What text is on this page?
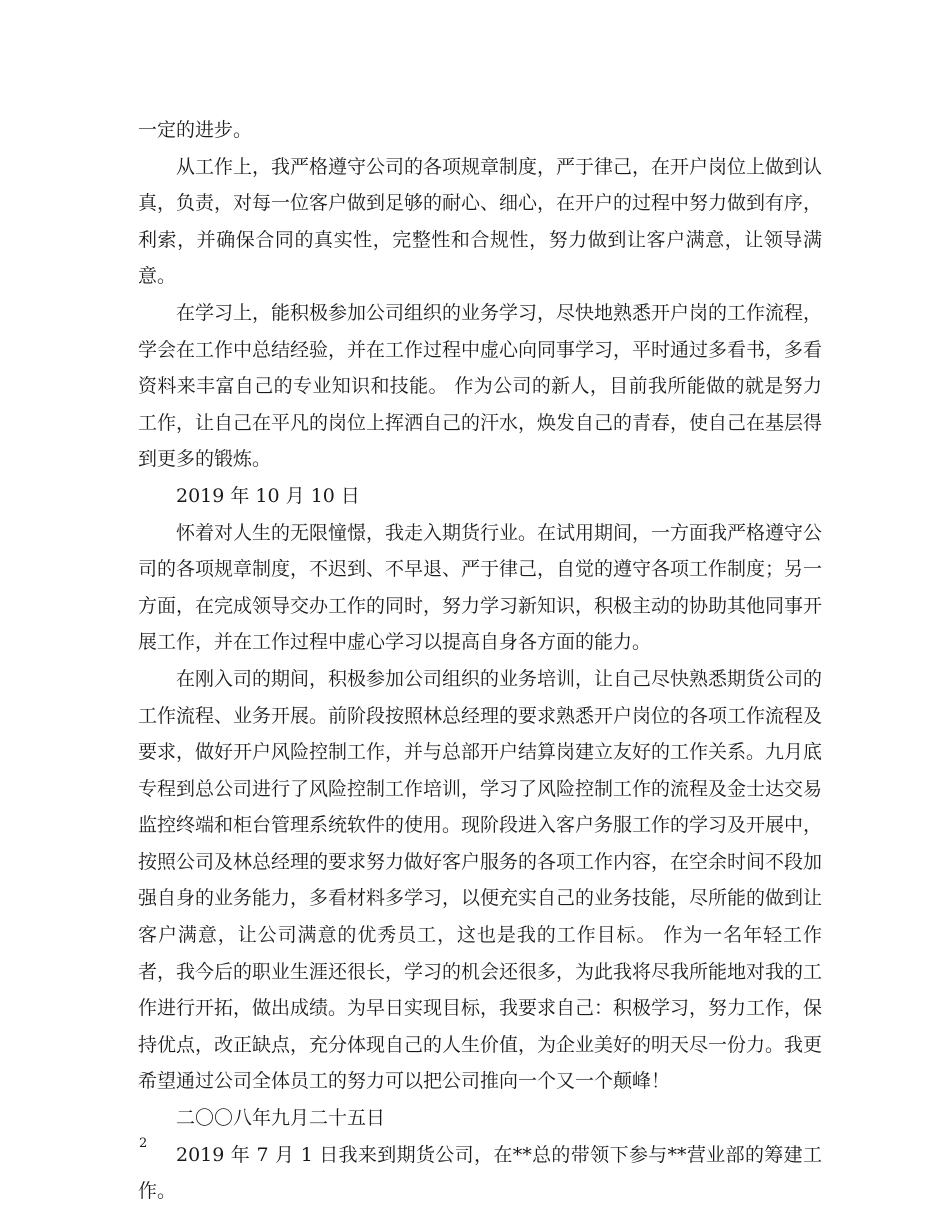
一定的进步。

从工作上，我严格遵守公司的各项规章制度，严于律己，在开户岗位上做到认真，负责，对每一位客户做到足够的耐心、细心，在开户的过程中努力做到有序，利索，并确保合同的真实性，完整性和合规性，努力做到让客户满意，让领导满意。

在学习上，能积极参加公司组织的业务学习，尽快地熟悉开户岗的工作流程，学会在工作中总结经验，并在工作过程中虚心向同事学习，平时通过多看书，多看资料来丰富自己的专业知识和技能。 作为公司的新人，目前我所能做的就是努力工作，让自己在平凡的岗位上挥洒自己的汗水，焕发自己的青春，使自己在基层得到更多的锻炼。

2019 年 10 月 10 日

怀着对人生的无限憧憬，我走入期货行业。在试用期间，一方面我严格遵守公司的各项规章制度，不迟到、不早退、严于律己，自觉的遵守各项工作制度；另一方面，在完成领导交办工作的同时，努力学习新知识，积极主动的协助其他同事开展工作，并在工作过程中虚心学习以提高自身各方面的能力。

在刚入司的期间，积极参加公司组织的业务培训，让自己尽快熟悉期货公司的工作流程、业务开展。前阶段按照林总经理的要求熟悉开户岗位的各项工作流程及要求，做好开户风险控制工作，并与总部开户结算岗建立友好的工作关系。九月底专程到总公司进行了风险控制工作培训，学习了风险控制工作的流程及金士达交易监控终端和柜台管理系统软件的使用。现阶段进入客户务服工作的学习及开展中，按照公司及林总经理的要求努力做好客户服务的各项工作内容，在空余时间不段加强自身的业务能力，多看材料多学习，以便充实自己的业务技能，尽所能的做到让客户满意，让公司满意的优秀员工，这也是我的工作目标。 作为一名年轻工作者，我今后的职业生涯还很长，学习的机会还很多，为此我将尽我所能地对我的工作进行开拓，做出成绩。为早日实现目标，我要求自己：积极学习，努力工作，保持优点，改正缺点，充分体现自己的人生价值，为企业美好的明天尽一份力。我更希望通过公司全体员工的努力可以把公司推向一个又一个颠峰！

二〇〇八年九月二十五日

2019 年 7 月 1 日我来到期货公司，在**总的带领下参与**营业部的筹建工作。

2
